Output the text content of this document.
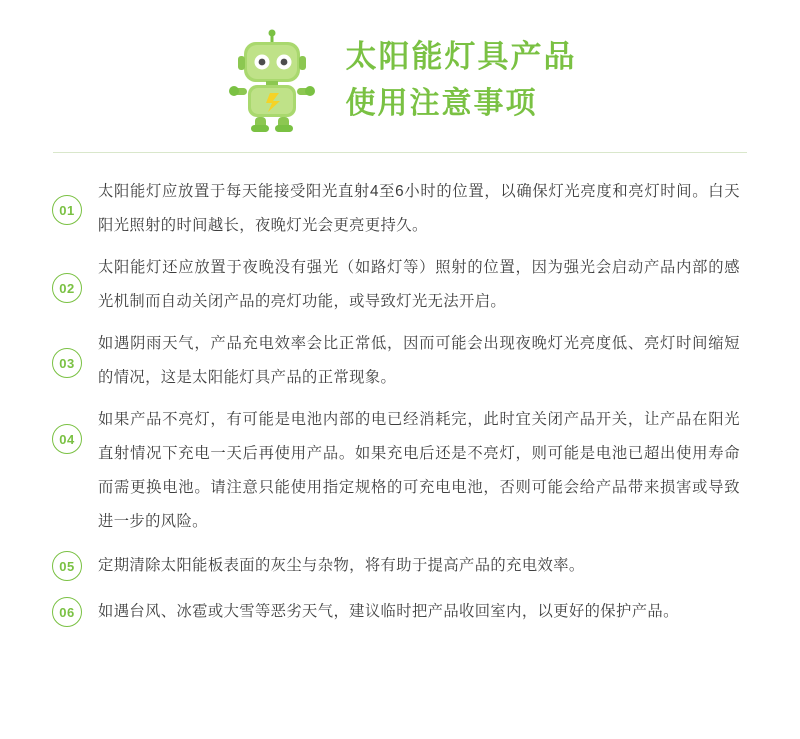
太阳能灯具产品
使用注意事项
01
太阳能灯应放置于每天能接受阳光直射4至6小时的位置，以确保灯光亮度和亮灯时间。白天阳光照射的时间越长，夜晚灯光会更亮更持久。
02
太阳能灯还应放置于夜晚没有强光（如路灯等）照射的位置，因为强光会启动产品内部的感光机制而自动关闭产品的亮灯功能，或导致灯光无法开启。
03
如遇阴雨天气，产品充电效率会比正常低，因而可能会出现夜晚灯光亮度低、亮灯时间缩短的情况，这是太阳能灯具产品的正常现象。
04
如果产品不亮灯，有可能是电池内部的电已经消耗完，此时宜关闭产品开关，让产品在阳光直射情况下充电一天后再使用产品。如果充电后还是不亮灯，则可能是电池已超出使用寿命而需更换电池。请注意只能使用指定规格的可充电电池，否则可能会给产品带来损害或导致进一步的风险。
05	定期清除太阳能板表面的灰尘与杂物，将有助于提高产品的充电效率。
06	如遇台风、冰雹或大雪等恶劣天气，建议临时把产品收回室内，以更好的保护产品。
